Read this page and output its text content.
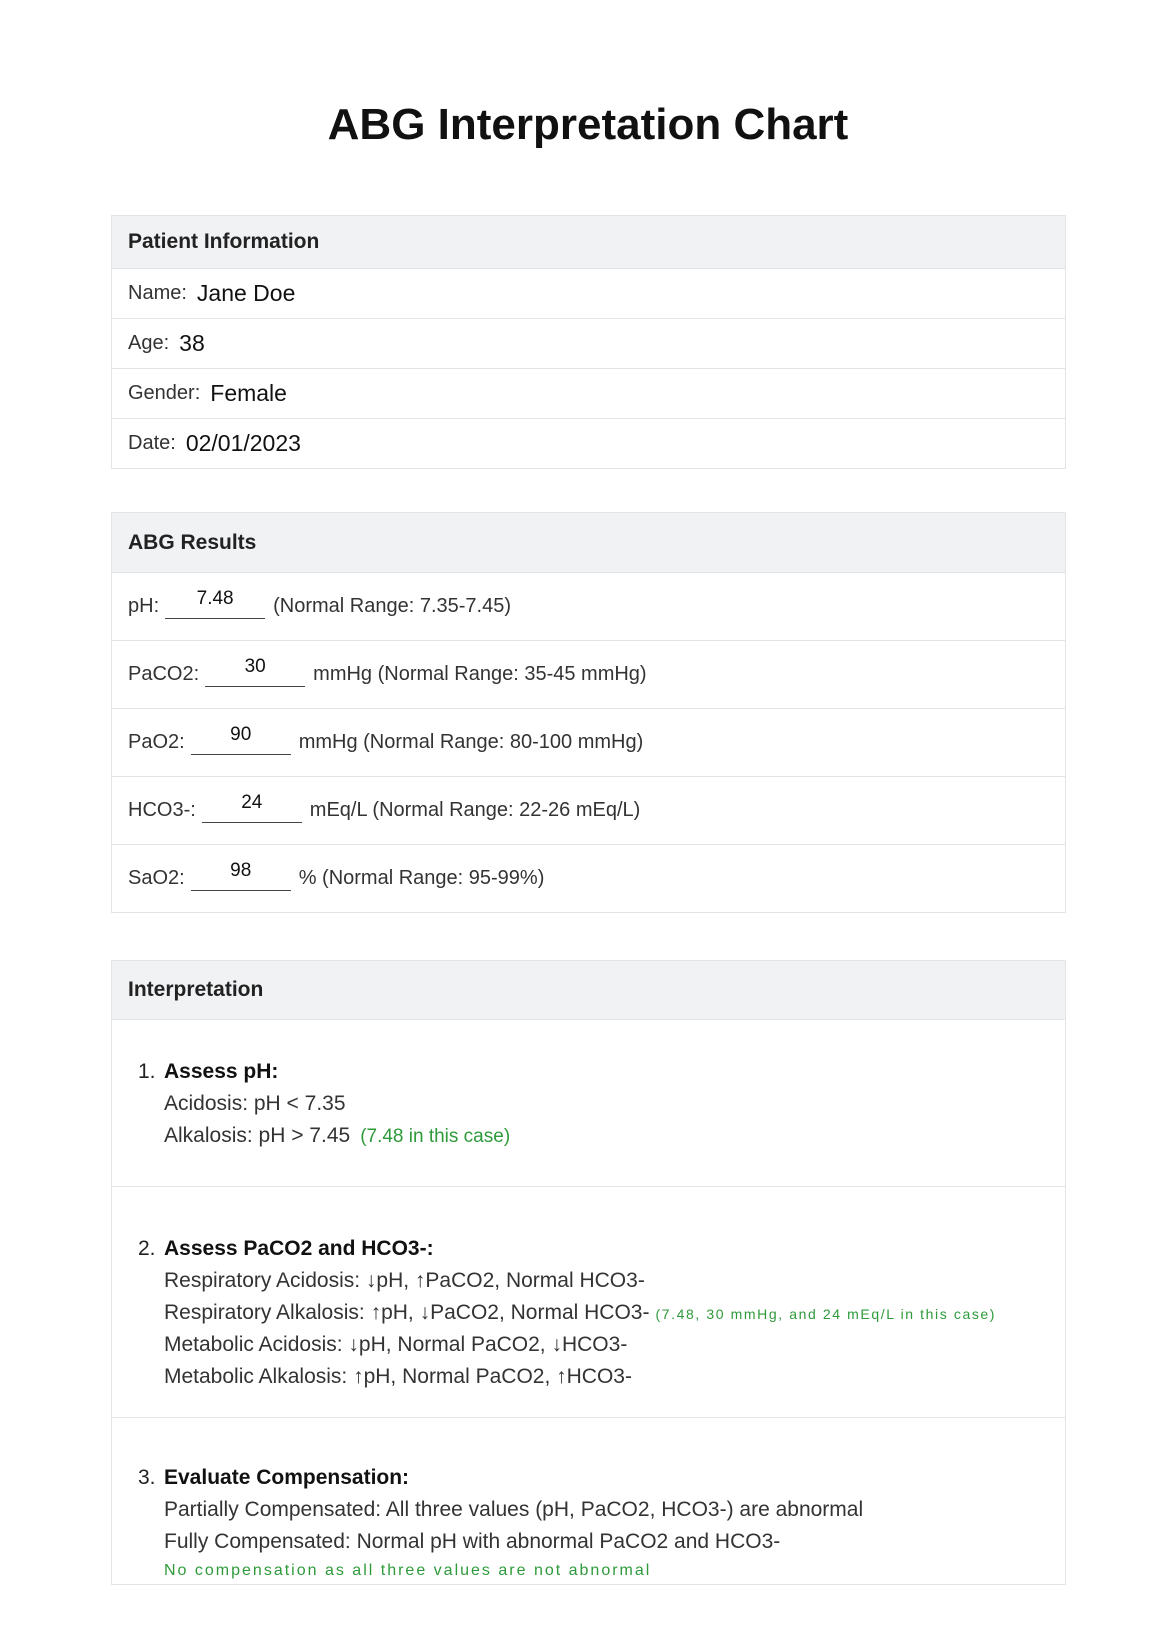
ABG Interpretation Chart
Patient Information
Name: Jane Doe
Age: 38
Gender: Female
Date: 02/01/2023
ABG Results
pH:	7.48	(Normal Range: 7.35-7.45)
PaCO2:	30	mmHg (Normal Range: 35-45 mmHg)
PaO2:	90	mmHg (Normal Range: 80-100 mmHg)
HCO3-:	24	mEq/L (Normal Range: 22-26 mEq/L)
SaO2:	98	% (Normal Range: 95-99%)
Interpretation
1. Assess pH:
Acidosis: pH < 7.35
Alkalosis: pH > 7.45 (7.48 in this case)
2. Assess PaCO2 and HCO3-:
Respiratory Acidosis: ↓pH, ↑PaCO2, Normal HCO3-
Respiratory Alkalosis: ↑pH, ↓PaCO2, Normal HCO3- (7.48, 30 mmHg, and 24 mEq/L in this case)
Metabolic Acidosis: ↓pH, Normal PaCO2, ↓HCO3-
Metabolic Alkalosis: ↑pH, Normal PaCO2, ↑HCO3-
3. Evaluate Compensation:
Partially Compensated: All three values (pH, PaCO2, HCO3-) are abnormal
Fully Compensated: Normal pH with abnormal PaCO2 and HCO3-
No compensation as all three values are not abnormal
